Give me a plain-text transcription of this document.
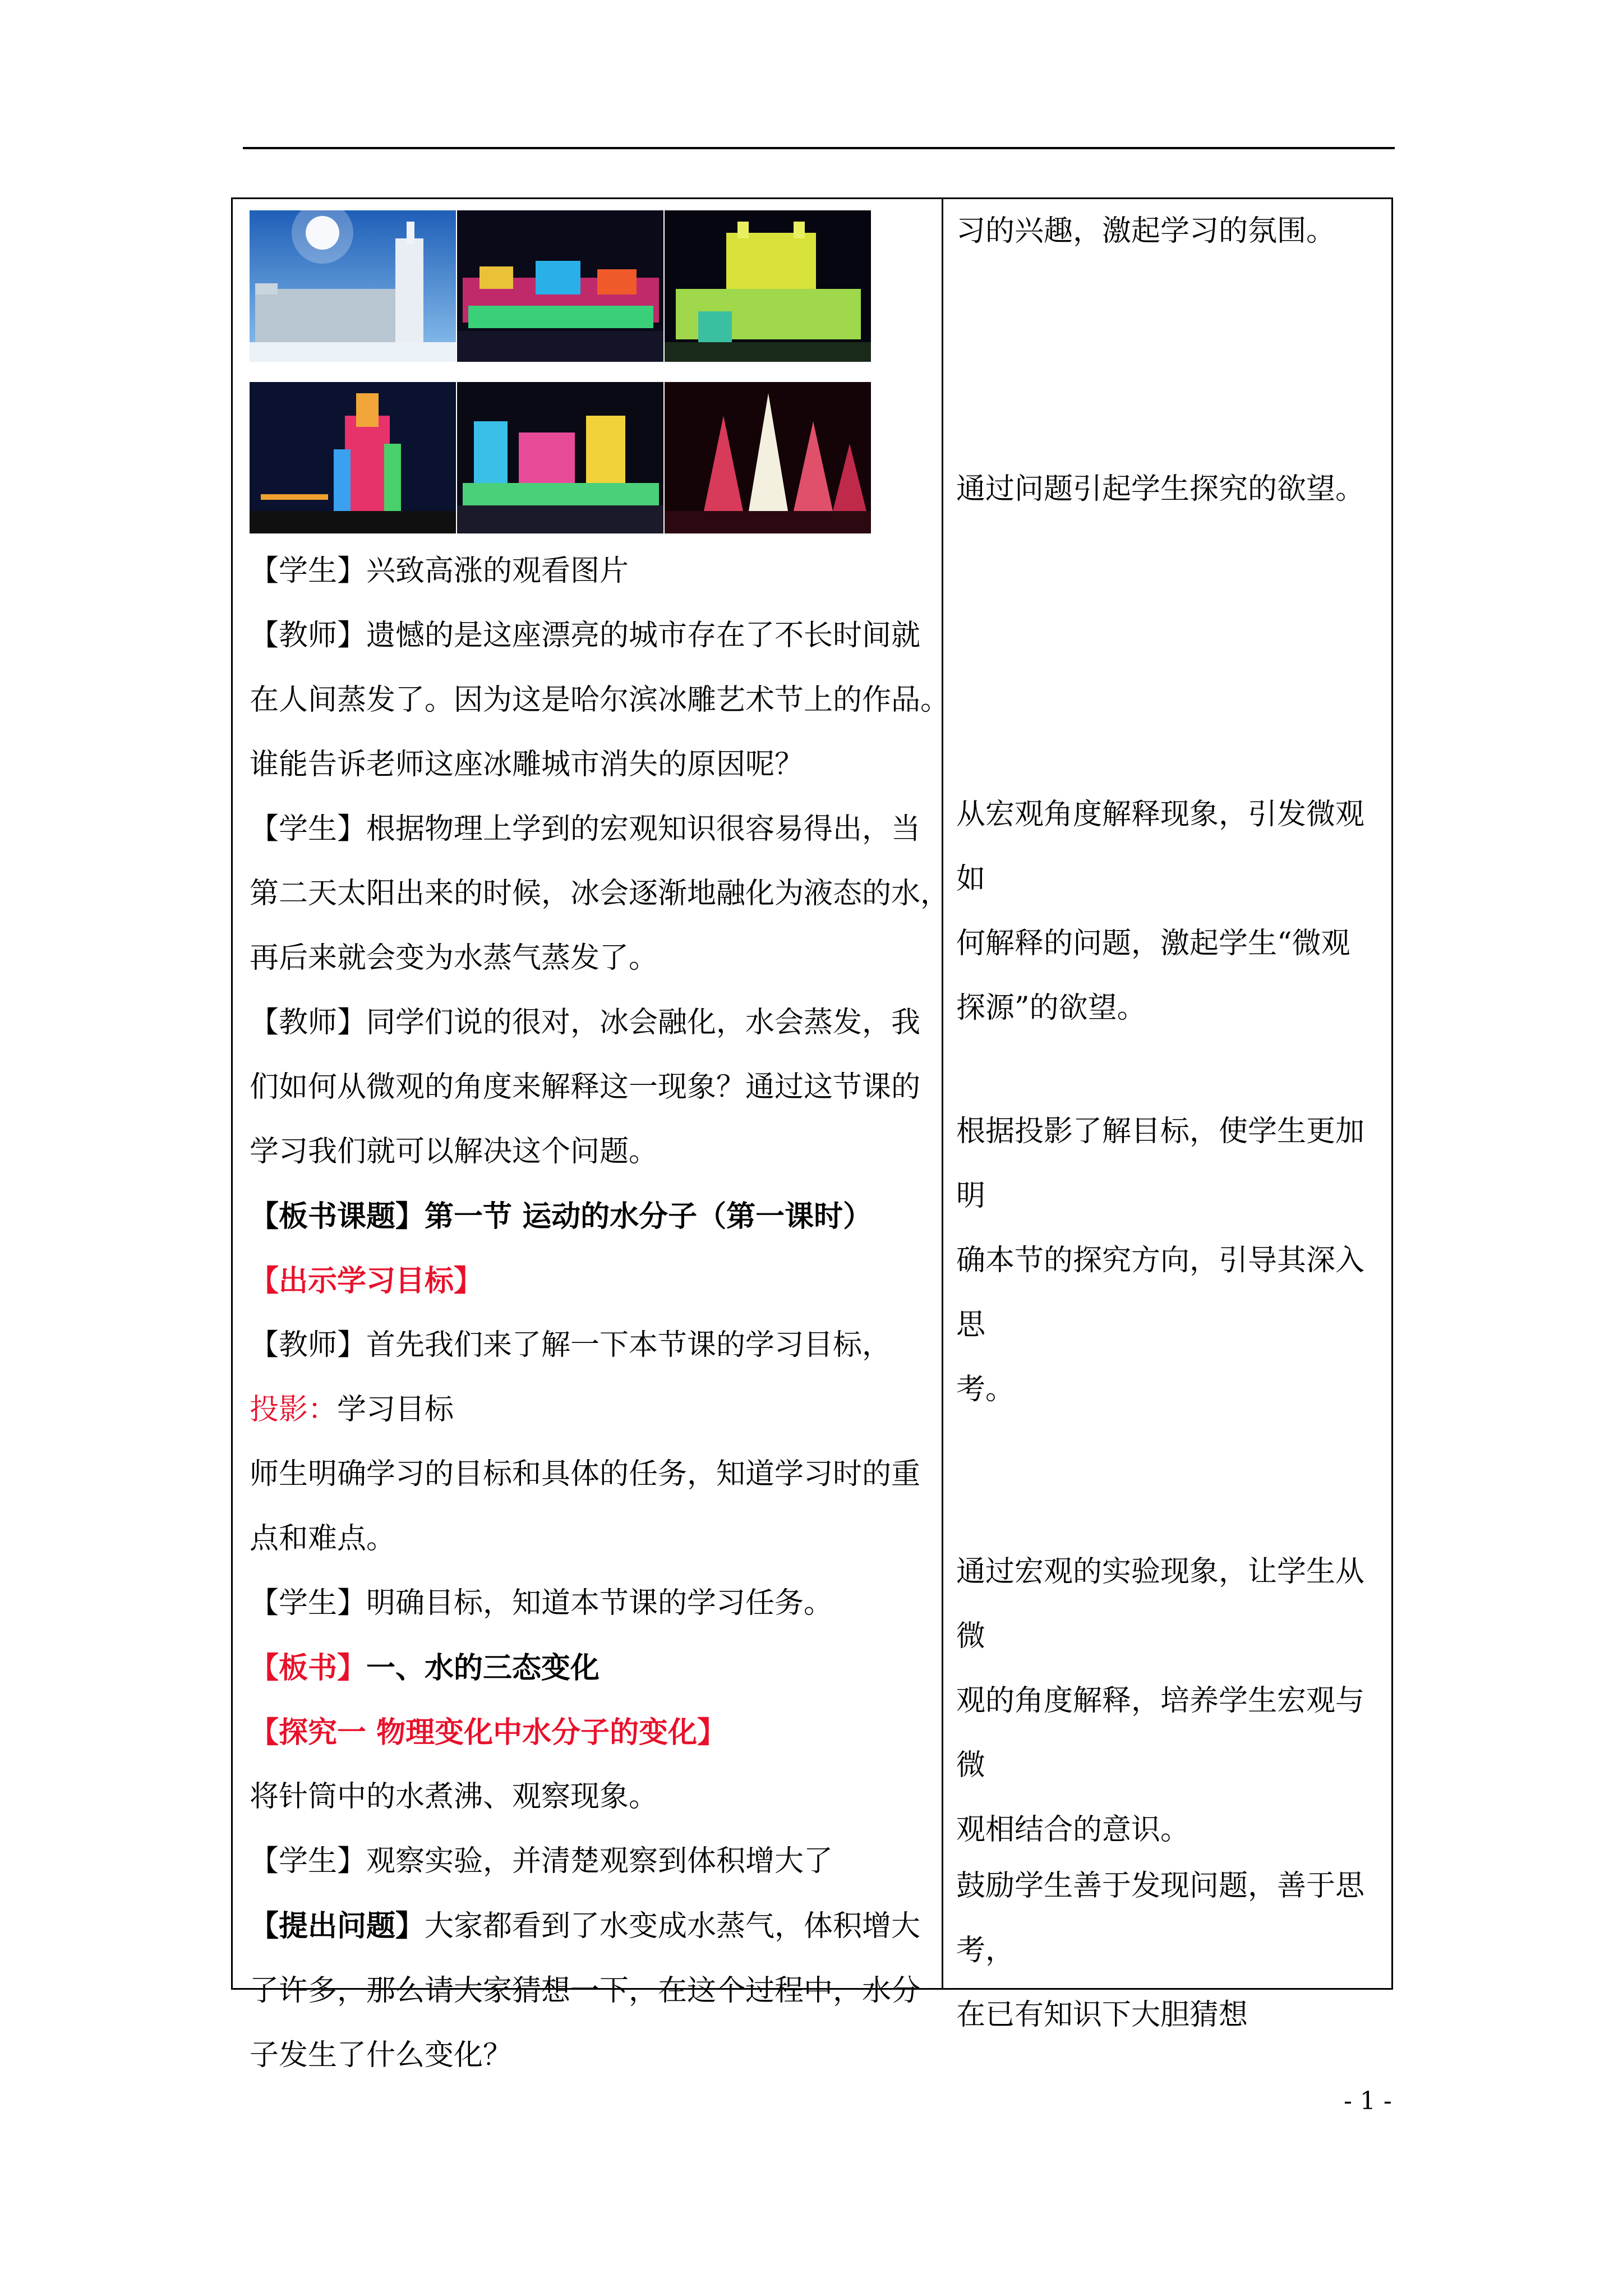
【学生】兴致高涨的观看图片

【教师】遗憾的是这座漂亮的城市存在了不长时间就

在人间蒸发了。因为这是哈尔滨冰雕艺术节上的作品。

谁能告诉老师这座冰雕城市消失的原因呢？

【学生】根据物理上学到的宏观知识很容易得出，当

第二天太阳出来的时候，冰会逐渐地融化为液态的水，

再后来就会变为水蒸气蒸发了。

【教师】同学们说的很对，冰会融化，水会蒸发，我

们如何从微观的角度来解释这一现象？通过这节课的

学习我们就可以解决这个问题。

【板书课题】第一节 运动的水分子（第一课时）

【出示学习目标】

【教师】首先我们来了解一下本节课的学习目标，

投影：学习目标

师生明确学习的目标和具体的任务，知道学习时的重

点和难点。

【学生】明确目标，知道本节课的学习任务。

【板书】一、水的三态变化

【探究一 物理变化中水分子的变化】

将针筒中的水煮沸、观察现象。

【学生】观察实验，并清楚观察到体积增大了

【提出问题】大家都看到了水变成水蒸气，体积增大

了许多，那么请大家猜想一下，在这个过程中，水分

子发生了什么变化？

习的兴趣，激起学习的氛围。
通过问题引起学生探究的欲望。
从宏观角度解释现象，引发微观如
何解释的问题，激起学生“微观
探源”的欲望。
根据投影了解目标，使学生更加明
确本节的探究方向，引导其深入思
考。
通过宏观的实验现象，让学生从微
观的角度解释，培养学生宏观与微
观相结合的意识。
鼓励学生善于发现问题，善于思考，
在已有知识下大胆猜想
- 1 -
